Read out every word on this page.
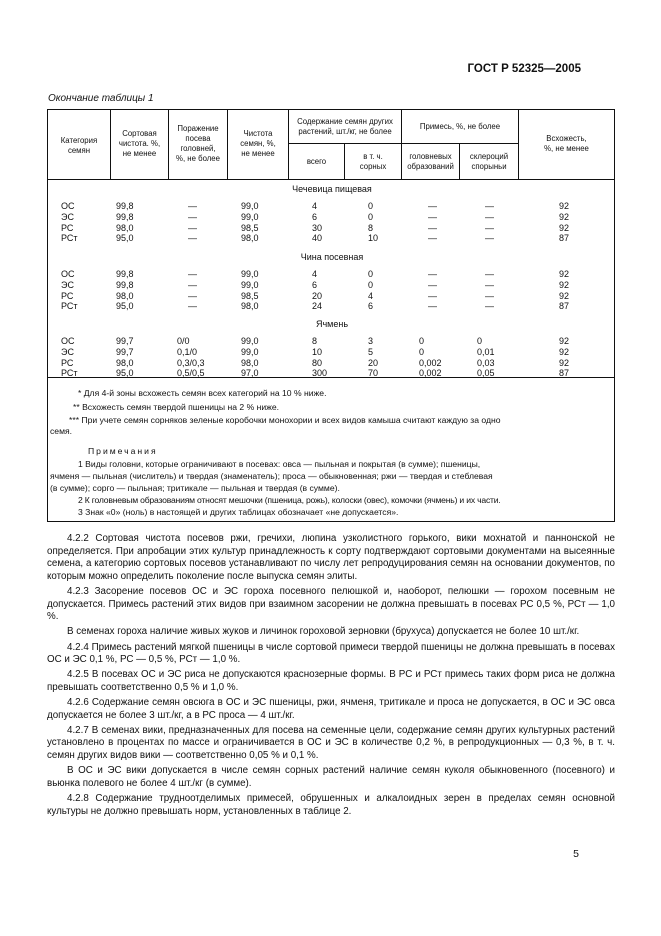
ГОСТ Р 52325—2005
Окончание таблицы 1
Категория
семян
Сортовая
чистота. %,
не менее
Поражение
посева
головней,
%, не более
Чистота
семян, %,
не менее
Содержание семян других
растений, шт./кг, не более
всего
в т. ч.
сорных
Примесь, %, не более
головневых
образований
склероций
спорыньи
Всхожесть,
%, не менее
Чечевица пищевая
Чина посевная
Ячмень
ОС
ЭС
РС
РСт
99,8
99,8
98,0
95,0
—
—
—
—
99,0
99,0
98,5
98,0
4
6
30
40
0
0
8
10
—
—
—
—
—
—
—
—
92
92
92
87
ОС
ЭС
РС
РСт
99,8
99,8
98,0
95,0
—
—
—
—
99,0
99,0
98,5
98,0
4
6
20
24
0
0
4
6
—
—
—
—
—
—
—
—
92
92
92
87
ОС
ЭС
РС
РСт
99,7
99,7
98,0
95,0
0/0
0,1/0
0,3/0,3
0,5/0,5
99,0
99,0
98,0
97,0
8
10
80
300
3
5
20
70
0
0
0,002
0,002
0
0,01
0,03
0,05
92
92
92
87
* Для 4-й зоны всхожесть семян всех категорий на 10 % ниже.
** Всхожесть семян твердой пшеницы на 2 % ниже.
*** При учете семян сорняков зеленые коробочки монохории и всех видов камыша считают каждую за одно
семя.
Примечания
1 Виды головни, которые ограничивают в посевах: овса — пыльная и покрытая (в сумме); пшеницы,
ячменя — пыльная (числитель) и твердая (знаменатель); проса — обыкновенная; ржи — твердая и стеблевая
(в сумме); сорго — пыльная; тритикале — пыльная и твердая (в сумме).
2 К головневым образованиям относят мешочки (пшеница, рожь), колоски (овес), комочки (ячмень) и их части.
3 Знак «0» (ноль) в настоящей и других таблицах обозначает «не допускается».

4.2.2 Сортовая чистота посевов ржи, гречихи, люпина узколистного горького, вики мохнатой и паннонской не определяется. При апробации этих культур принадлежность к сорту подтверждают сортовыми документами на высеянные семена, а категорию сортовых посевов устанавливают по числу лет репродуцирования семян на основании документов, по которым можно определить поколение после выпуска семян элиты.

4.2.3 Засорение посевов ОС и ЭС гороха посевного пелюшкой и, наоборот, пелюшки — горохом посевным не допускается. Примесь растений этих видов при взаимном засорении не должна превышать в посевах РС 0,5 %, РСт — 1,0 %.

В семенах гороха наличие живых жуков и личинок гороховой зерновки (брухуса) допускается не более 10 шт./кг.

4.2.4 Примесь растений мягкой пшеницы в числе сортовой примеси твердой пшеницы не должна превышать в посевах ОС и ЭС 0,1 %, РС — 0,5 %, РСт — 1,0 %.

4.2.5 В посевах ОС и ЭС риса не допускаются краснозерные формы. В РС и РСт примесь таких форм риса не должна превышать соответственно 0,5 % и 1,0 %.

4.2.6 Содержание семян овсюга в ОС и ЭС пшеницы, ржи, ячменя, тритикале и проса не допускается, в ОС и ЭС овса допускается не более 3 шт./кг, а в РС проса — 4 шт./кг.

4.2.7 В семенах вики, предназначенных для посева на семенные цели, содержание семян других культурных растений установлено в процентах по массе и ограничивается в ОС и ЭС в количестве 0,2 %, в репродукционных — 0,3 %, в т. ч. семян других видов вики — соответственно 0,05 % и 0,1 %.

В ОС и ЭС вики допускается в числе семян сорных растений наличие семян куколя обыкновенного (посевного) и вьюнка полевого не более 4 шт./кг (в сумме).

4.2.8 Содержание трудноотделимых примесей, обрушенных и алкалоидных зерен в пределах семян основной культуры не должно превышать норм, установленных в таблице 2.

5
